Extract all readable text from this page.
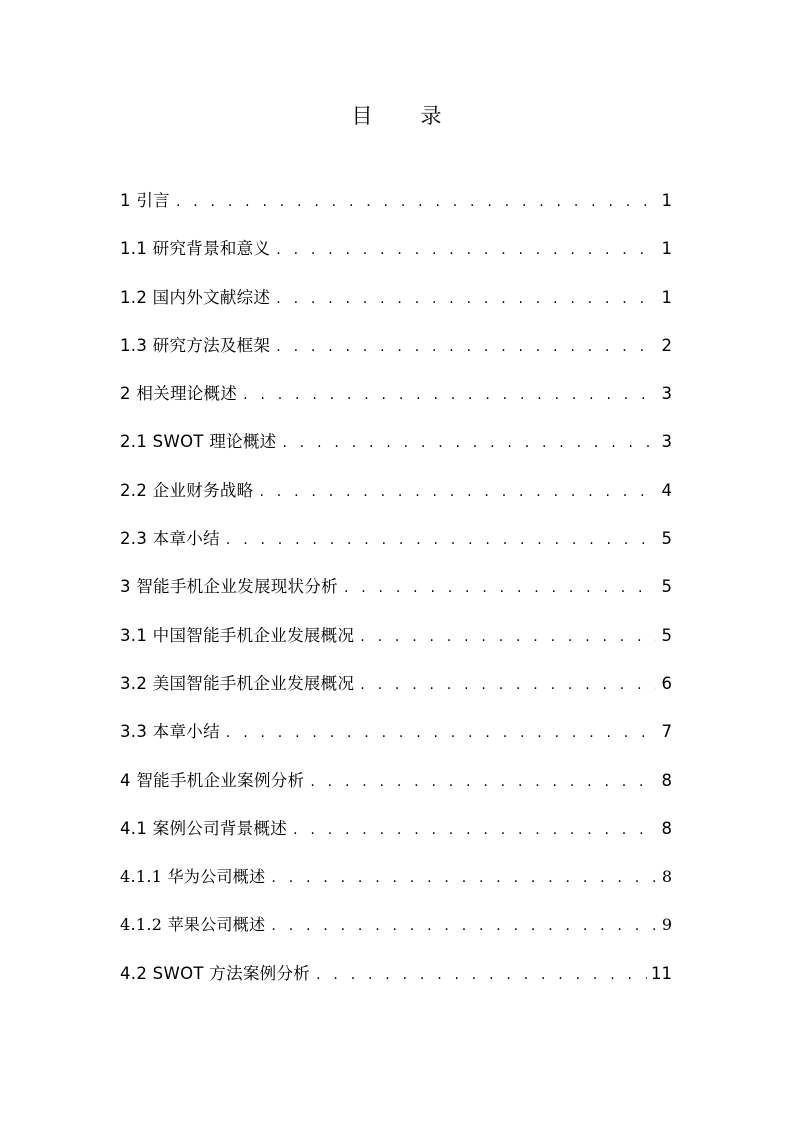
目 录
1 引言 . . .	1
1.1 研究背景和意义 . . .	1
1.2 国内外文献综述 . . .	1
1.3 研究方法及框架 . . .	2
2 相关理论概述 . . .	3
2.1 SWOT 理论概述 . . .	3
2.2 企业财务战略 . . .	4
2.3 本章小结 . . .	5
3 智能手机企业发展现状分析 . . .	5
3.1 中国智能手机企业发展概况 . . .	5
3.2 美国智能手机企业发展概况 . . .	6
3.3 本章小结 . . .	7
4 智能手机企业案例分析 . . .	8
4.1 案例公司背景概述 . . .	8
4.1.1 华为公司概述 . . .	8
4.1.2 苹果公司概述 . . .	9
4.2 SWOT 方法案例分析 . . .	11
